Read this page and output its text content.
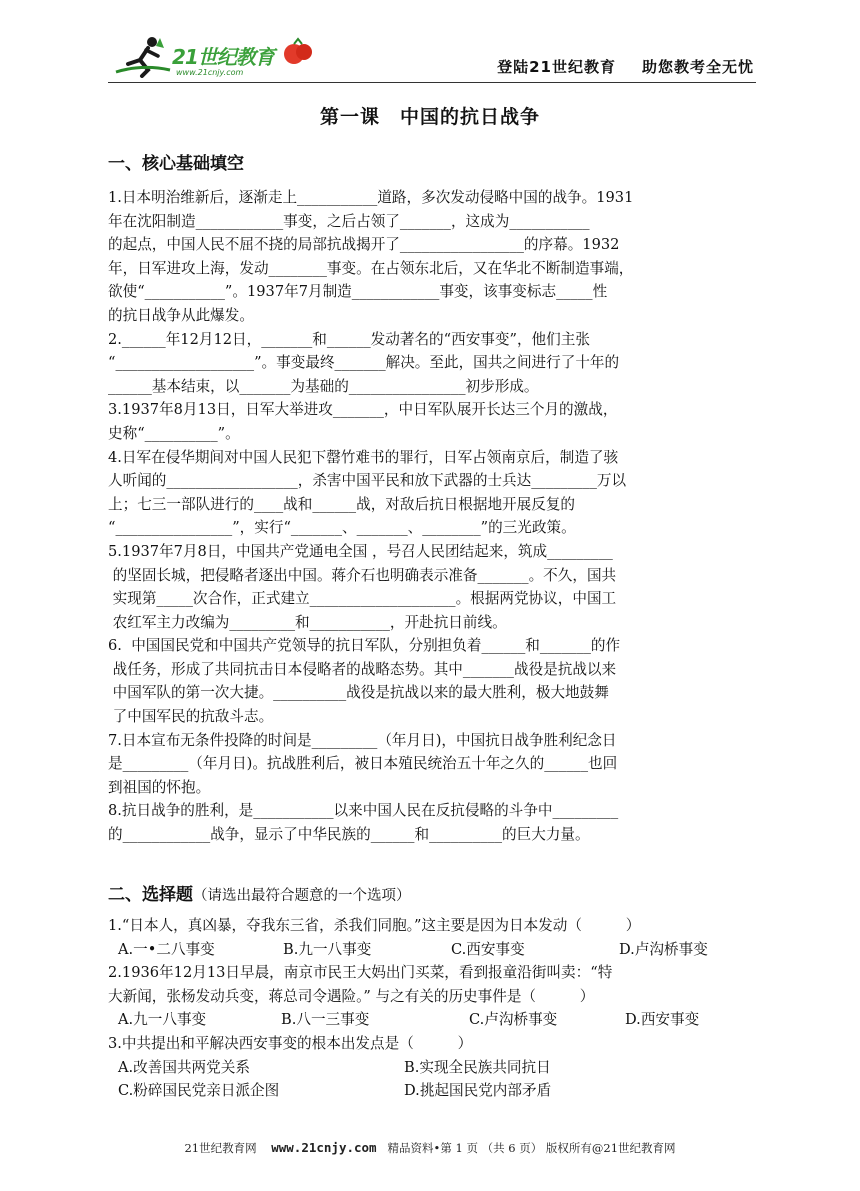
21世纪教育
www.21cnjy.com	登陆21世纪教育 助您教考全无忧
第一课　中国的抗日战争
一、核心基础填空

1.日本明治维新后，逐渐走上___________道路，多次发动侵略中国的战争。1931

年在沈阳制造____________事变，之后占领了_______，这成为___________

的起点，中国人民不屈不挠的局部抗战揭开了_________________的序幕。1932

年，日军进攻上海，发动________事变。在占领东北后，又在华北不断制造事端，

欲使“___________”。1937年7月制造____________事变，该事变标志_____性

的抗日战争从此爆发。

2.______年12月12日，_______和______发动著名的“西安事变”，他们主张

“___________________”。事变最终_______解决。至此，国共之间进行了十年的

______基本结束，以_______为基础的________________初步形成。

3.1937年8月13日，日军大举进攻_______，中日军队展开长达三个月的激战，

史称“__________”。

4.日军在侵华期间对中国人民犯下罄竹难书的罪行，日军占领南京后，制造了骇

人听闻的__________________，杀害中国平民和放下武器的士兵达_________万以

上；七三一部队进行的____战和______战，对敌后抗日根据地开展反复的

“________________”，实行“_______、_______、________”的三光政策。

5.1937年7月8日，中国共产党通电全国 ，号召人民团结起来，筑成_________

的坚固长城，把侵略者逐出中国。蒋介石也明确表示准备_______。不久，国共

实现第_____次合作，正式建立____________________。根据两党协议，中国工

农红军主力改编为_________和___________，开赴抗日前线。

6.  中国国民党和中国共产党领导的抗日军队，分别担负着______和_______的作

战任务，形成了共同抗击日本侵略者的战略态势。其中_______战役是抗战以来

中国军队的第一次大捷。__________战役是抗战以来的最大胜利，极大地鼓舞

了中国军民的抗敌斗志。

7.日本宣布无条件投降的时间是_________（年月日)，中国抗日战争胜利纪念日

是_________（年月日)。抗战胜利后，被日本殖民统治五十年之久的______也回

到祖国的怀抱。

8.抗日战争的胜利，是___________以来中国人民在反抗侵略的斗争中_________

的____________战争，显示了中华民族的______和__________的巨大力量。

二、选择题（请选出最符合题意的一个选项）

1.“日本人，真凶暴，夺我东三省，杀我们同胞。”这主要是因为日本发动（　　　）

A.一•二八事变	B.九一八事变	C.西安事变	D.卢沟桥事变

2.1936年12月13日早晨，南京市民王大妈出门买菜，看到报童沿街叫卖：“特

大新闻，张杨发动兵变，蒋总司令遇险。” 与之有关的历史事件是（　　　）

A.九一八事变	B.八一三事变	C.卢沟桥事变	D.西安事变

3.中共提出和平解决西安事变的根本出发点是（　　　）

A.改善国共两党关系	B.实现全民族共同抗日
C.粉碎国民党亲日派企图	D.挑起国民党内部矛盾
21世纪教育网 www.21cnjy.com 精品资料•第 1 页 （共 6 页） 版权所有@21世纪教育网
